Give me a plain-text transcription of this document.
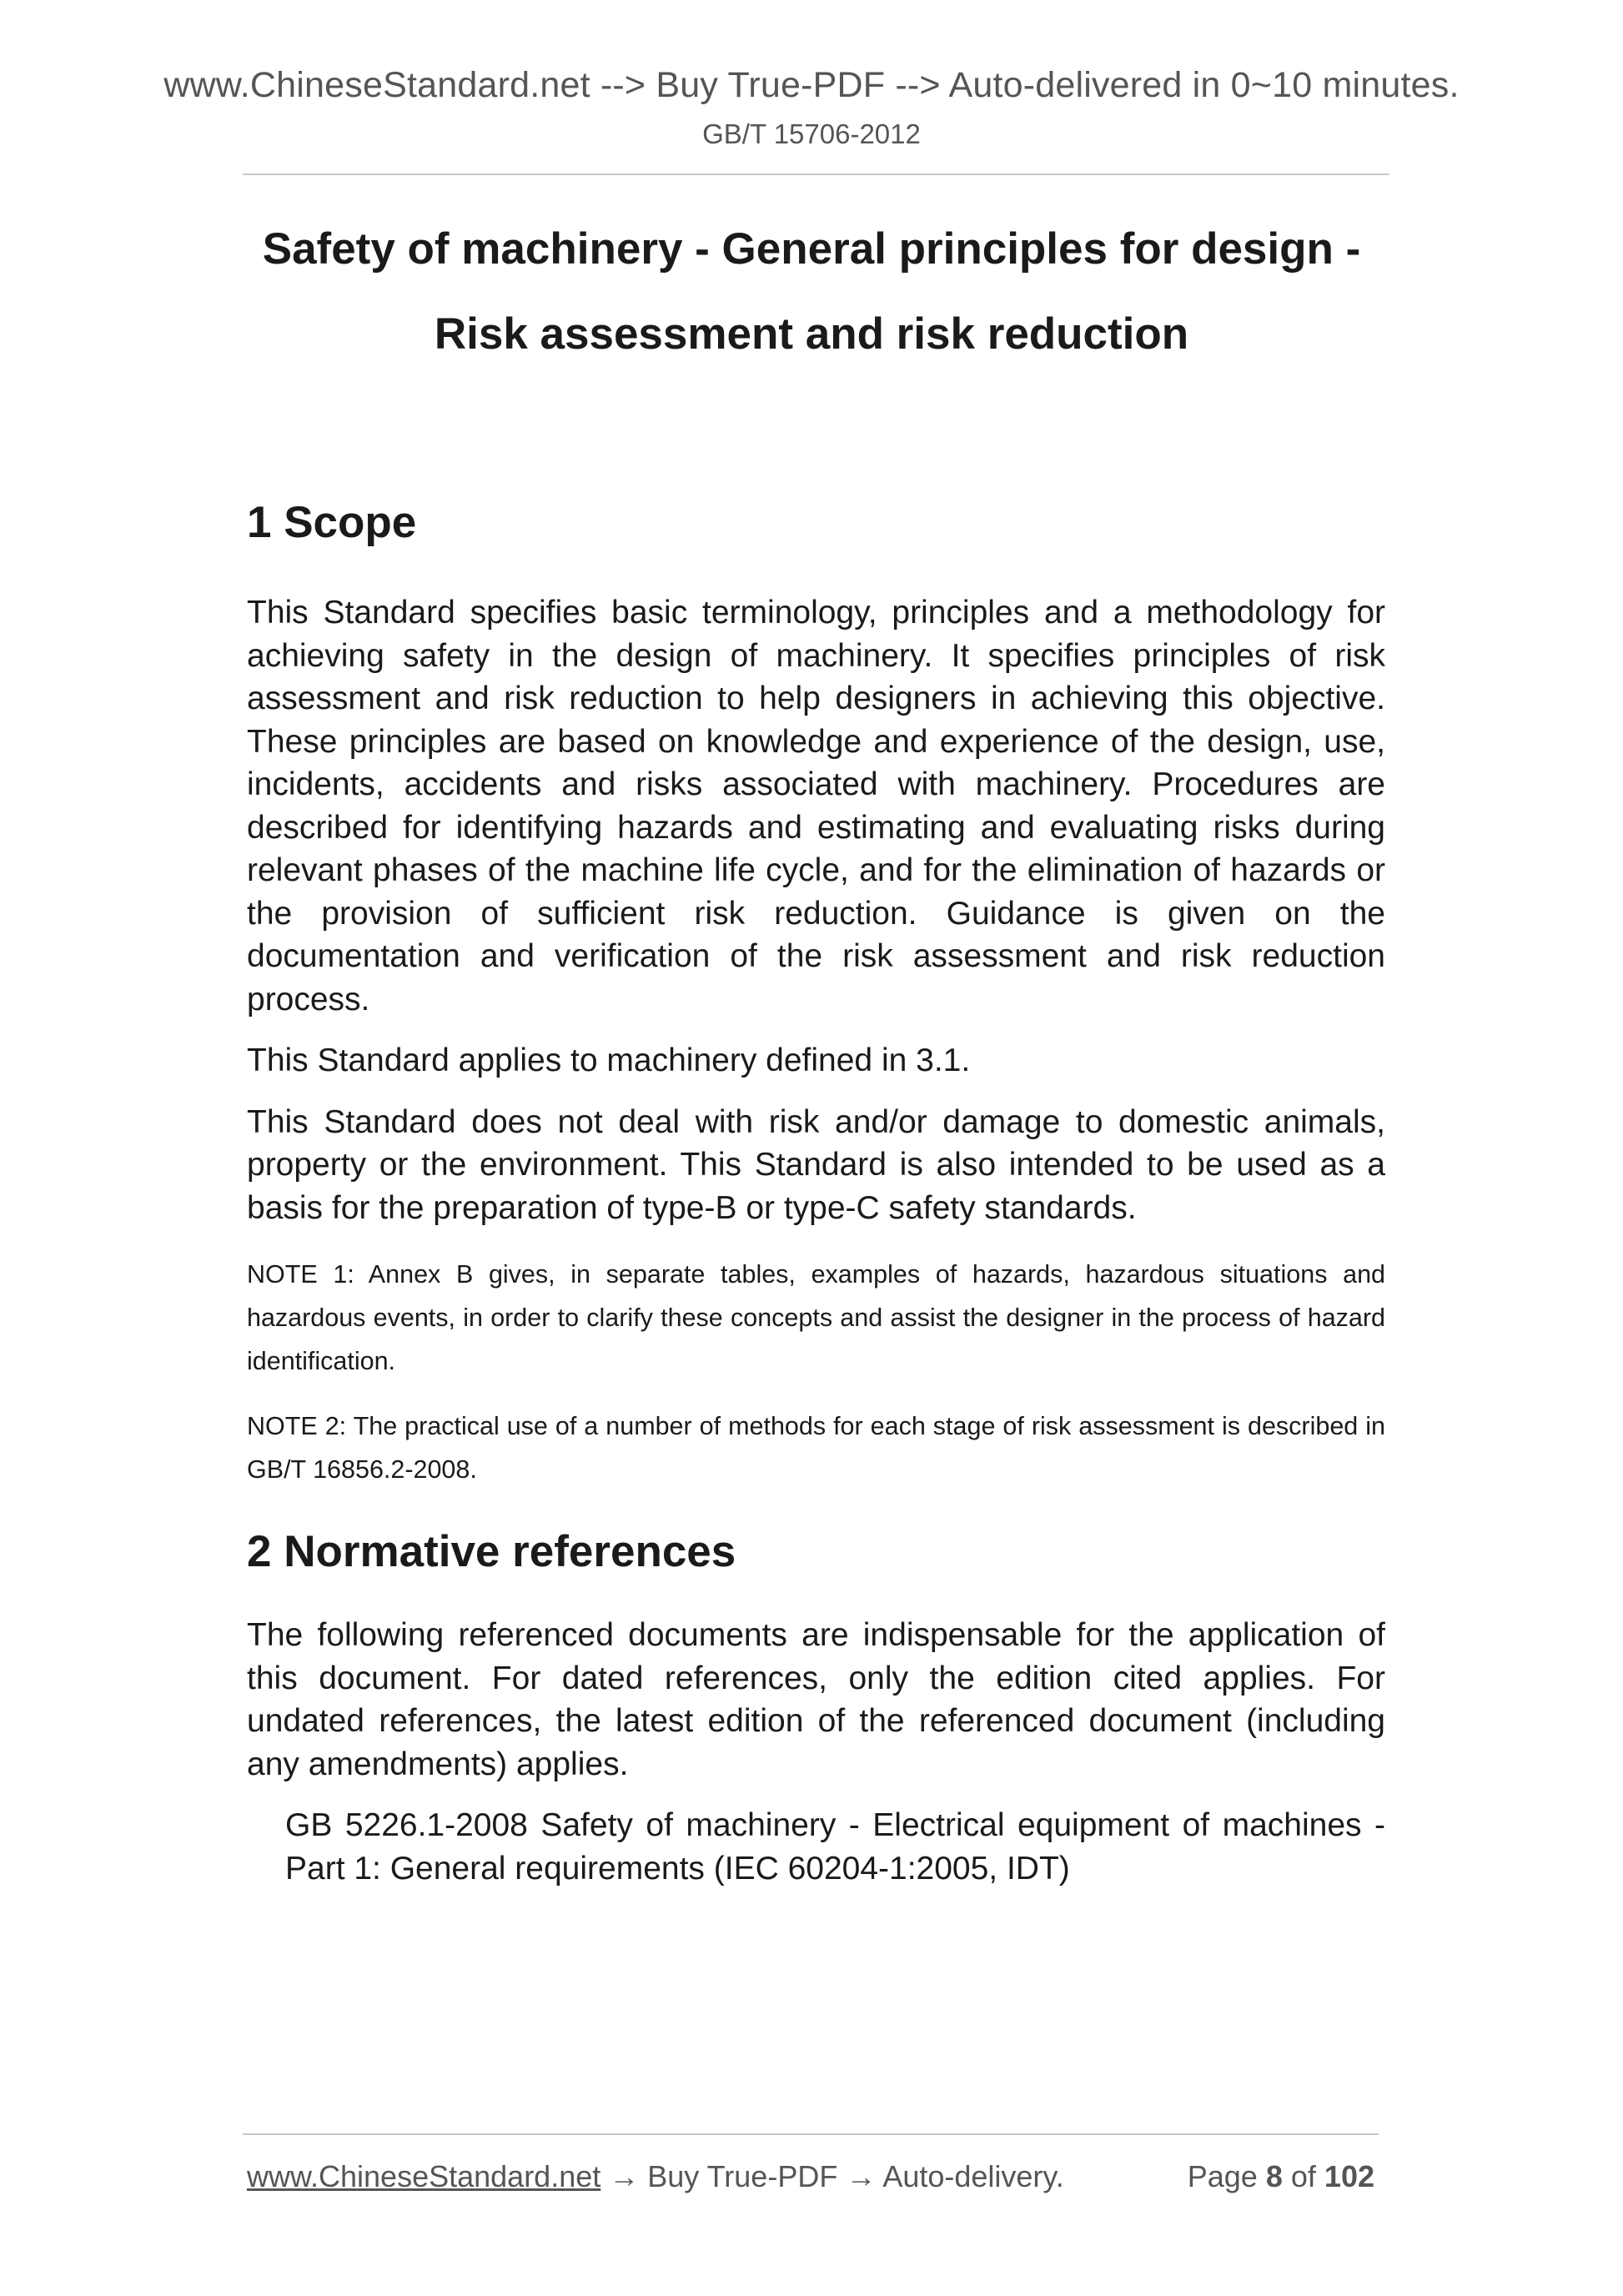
www.ChineseStandard.net --> Buy True-PDF --> Auto-delivered in 0~10 minutes.
GB/T 15706-2012
Safety of machinery - General principles for design -
Risk assessment and risk reduction
1 Scope

This Standard specifies basic terminology, principles and a methodology for achieving safety in the design of machinery. It specifies principles of risk assessment and risk reduction to help designers in achieving this objective. These principles are based on knowledge and experience of the design, use, incidents, accidents and risks associated with machinery. Procedures are described for identifying hazards and estimating and evaluating risks during relevant phases of the machine life cycle, and for the elimination of hazards or the provision of sufficient risk reduction. Guidance is given on the documentation and verification of the risk assessment and risk reduction process.

This Standard applies to machinery defined in 3.1.

This Standard does not deal with risk and/or damage to domestic animals, property or the environment. This Standard is also intended to be used as a basis for the preparation of type-B or type-C safety standards.

NOTE 1: Annex B gives, in separate tables, examples of hazards, hazardous situations and hazardous events, in order to clarify these concepts and assist the designer in the process of hazard identification.

NOTE 2: The practical use of a number of methods for each stage of risk assessment is described in GB/T 16856.2-2008.

2 Normative references

The following referenced documents are indispensable for the application of this document. For dated references, only the edition cited applies. For undated references, the latest edition of the referenced document (including any amendments) applies.

GB 5226.1-2008 Safety of machinery - Electrical equipment of machines - Part 1: General requirements (IEC 60204-1:2005, IDT)

www.ChineseStandard.net → Buy True-PDF → Auto-delivery.	Page 8 of 102
